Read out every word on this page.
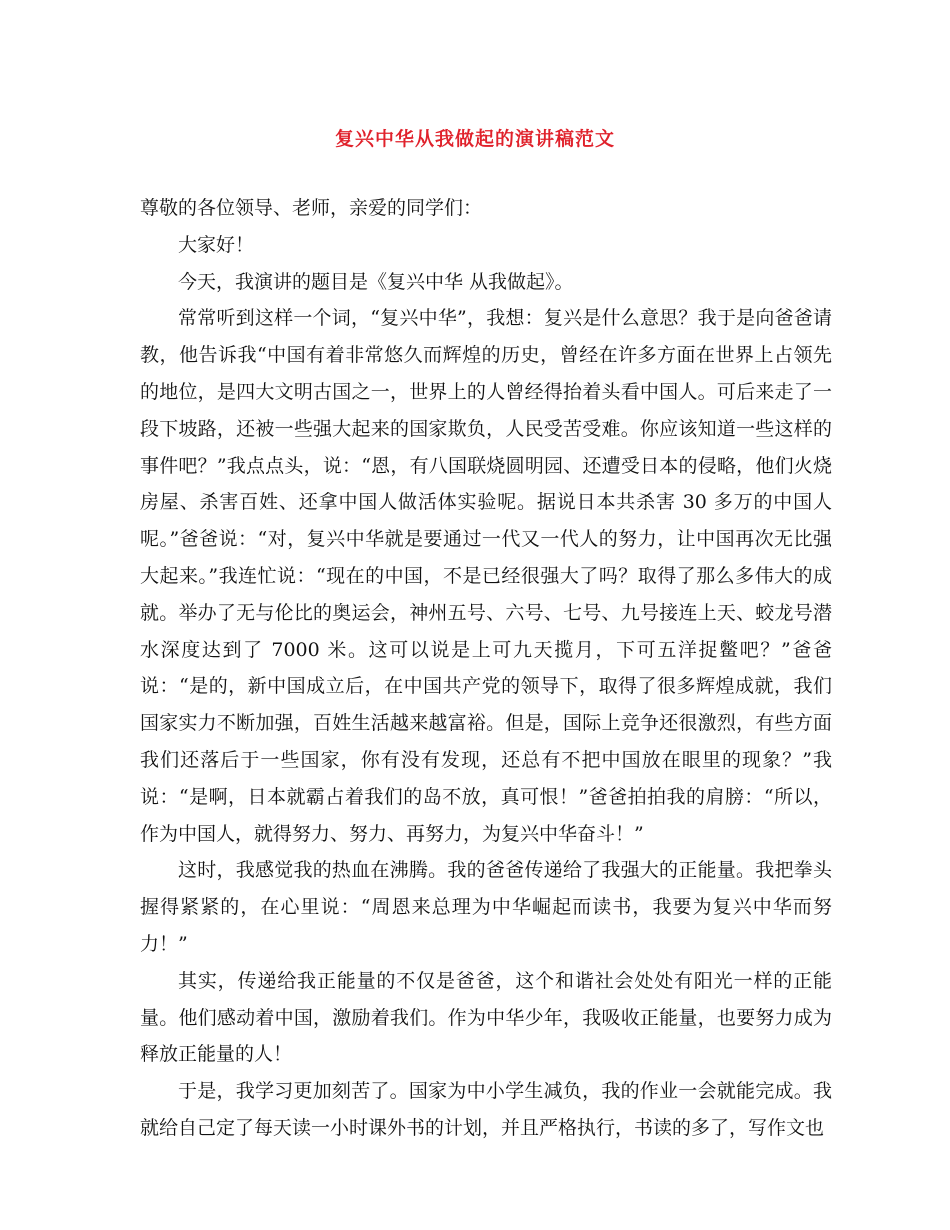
复兴中华从我做起的演讲稿范文

尊敬的各位领导、老师，亲爱的同学们：

大家好！

今天，我演讲的题目是《复兴中华 从我做起》。

常常听到这样一个词，“复兴中华”，我想：复兴是什么意思？我于是向爸爸请教，他告诉我“中国有着非常悠久而辉煌的历史，曾经在许多方面在世界上占领先的地位，是四大文明古国之一，世界上的人曾经得抬着头看中国人。可后来走了一段下坡路，还被一些强大起来的国家欺负，人民受苦受难。你应该知道一些这样的事件吧？”我点点头，说：“恩，有八国联烧圆明园、还遭受日本的侵略，他们火烧房屋、杀害百姓、还拿中国人做活体实验呢。据说日本共杀害 30 多万的中国人呢。”爸爸说：“对，复兴中华就是要通过一代又一代人的努力，让中国再次无比强大起来。”我连忙说：“现在的中国，不是已经很强大了吗？取得了那么多伟大的成就。举办了无与伦比的奥运会，神州五号、六号、七号、九号接连上天、蛟龙号潜水深度达到了 7000 米。这可以说是上可九天揽月，下可五洋捉鳖吧？”爸爸说：“是的，新中国成立后，在中国共产党的领导下，取得了很多辉煌成就，我们国家实力不断加强，百姓生活越来越富裕。但是，国际上竞争还很激烈，有些方面我们还落后于一些国家，你有没有发现，还总有不把中国放在眼里的现象？”我说：“是啊，日本就霸占着我们的岛不放，真可恨！”爸爸拍拍我的肩膀：“所以，作为中国人，就得努力、努力、再努力，为复兴中华奋斗！”

这时，我感觉我的热血在沸腾。我的爸爸传递给了我强大的正能量。我把拳头握得紧紧的，在心里说：“周恩来总理为中华崛起而读书，我要为复兴中华而努力！”

其实，传递给我正能量的不仅是爸爸，这个和谐社会处处有阳光一样的正能量。他们感动着中国，激励着我们。作为中华少年，我吸收正能量，也要努力成为释放正能量的人！

于是，我学习更加刻苦了。国家为中小学生减负，我的作业一会就能完成。我就给自己定了每天读一小时课外书的计划，并且严格执行，书读的多了，写作文也
